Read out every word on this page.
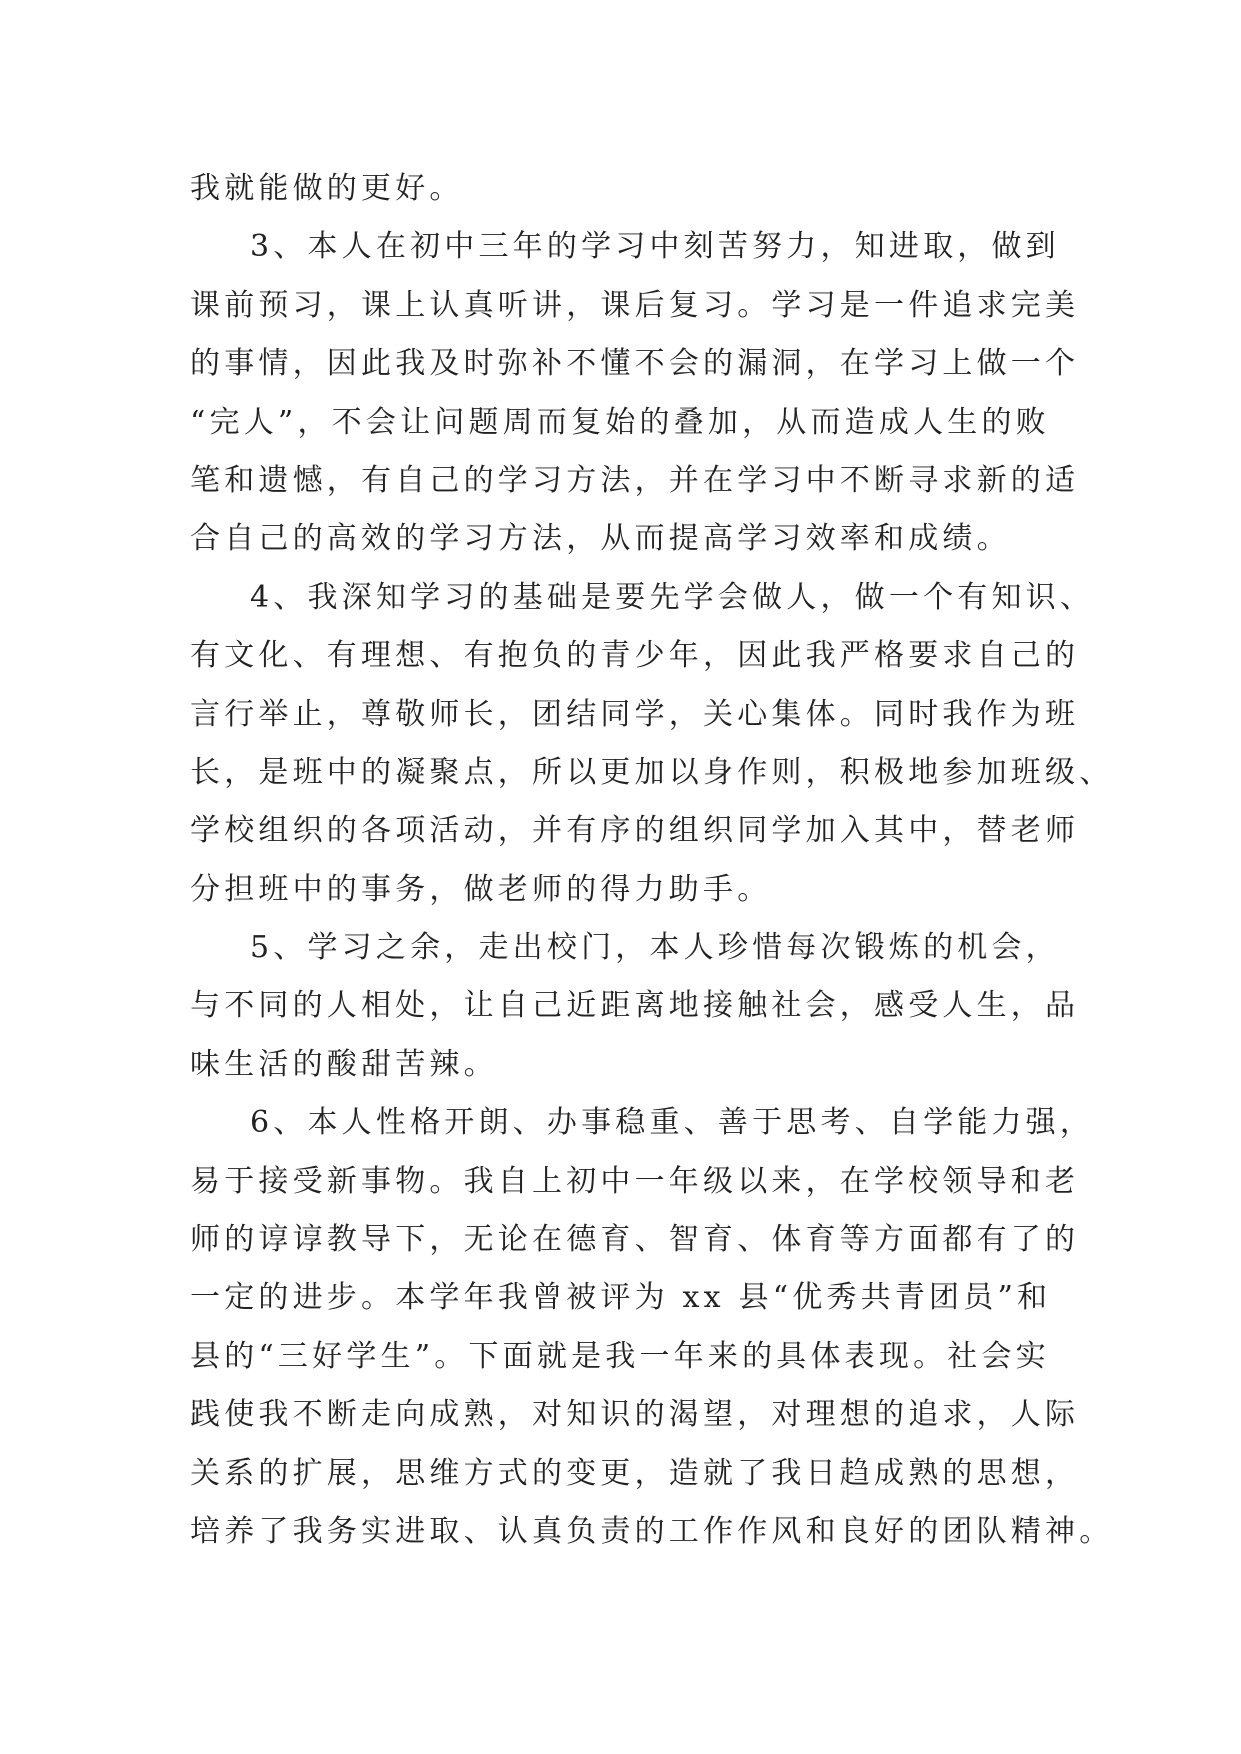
我就能做的更好。
3、本人在初中三年的学习中刻苦努力，知进取，做到
课前预习，课上认真听讲，课后复习。学习是一件追求完美
的事情，因此我及时弥补不懂不会的漏洞，在学习上做一个
“完人”，不会让问题周而复始的叠加，从而造成人生的败
笔和遗憾，有自己的学习方法，并在学习中不断寻求新的适
合自己的高效的学习方法，从而提高学习效率和成绩。
4、我深知学习的基础是要先学会做人，做一个有知识、
有文化、有理想、有抱负的青少年，因此我严格要求自己的
言行举止，尊敬师长，团结同学，关心集体。同时我作为班
长，是班中的凝聚点，所以更加以身作则，积极地参加班级、
学校组织的各项活动，并有序的组织同学加入其中，替老师
分担班中的事务，做老师的得力助手。
5、学习之余，走出校门，本人珍惜每次锻炼的机会，
与不同的人相处，让自己近距离地接触社会，感受人生，品
味生活的酸甜苦辣。
6、本人性格开朗、办事稳重、善于思考、自学能力强，
易于接受新事物。我自上初中一年级以来，在学校领导和老
师的谆谆教导下，无论在德育、智育、体育等方面都有了的
一定的进步。本学年我曾被评为 xx 县“优秀共青团员”和
县的“三好学生”。下面就是我一年来的具体表现。社会实
践使我不断走向成熟，对知识的渴望，对理想的追求，人际
关系的扩展，思维方式的变更，造就了我日趋成熟的思想，
培养了我务实进取、认真负责的工作作风和良好的团队精神。
